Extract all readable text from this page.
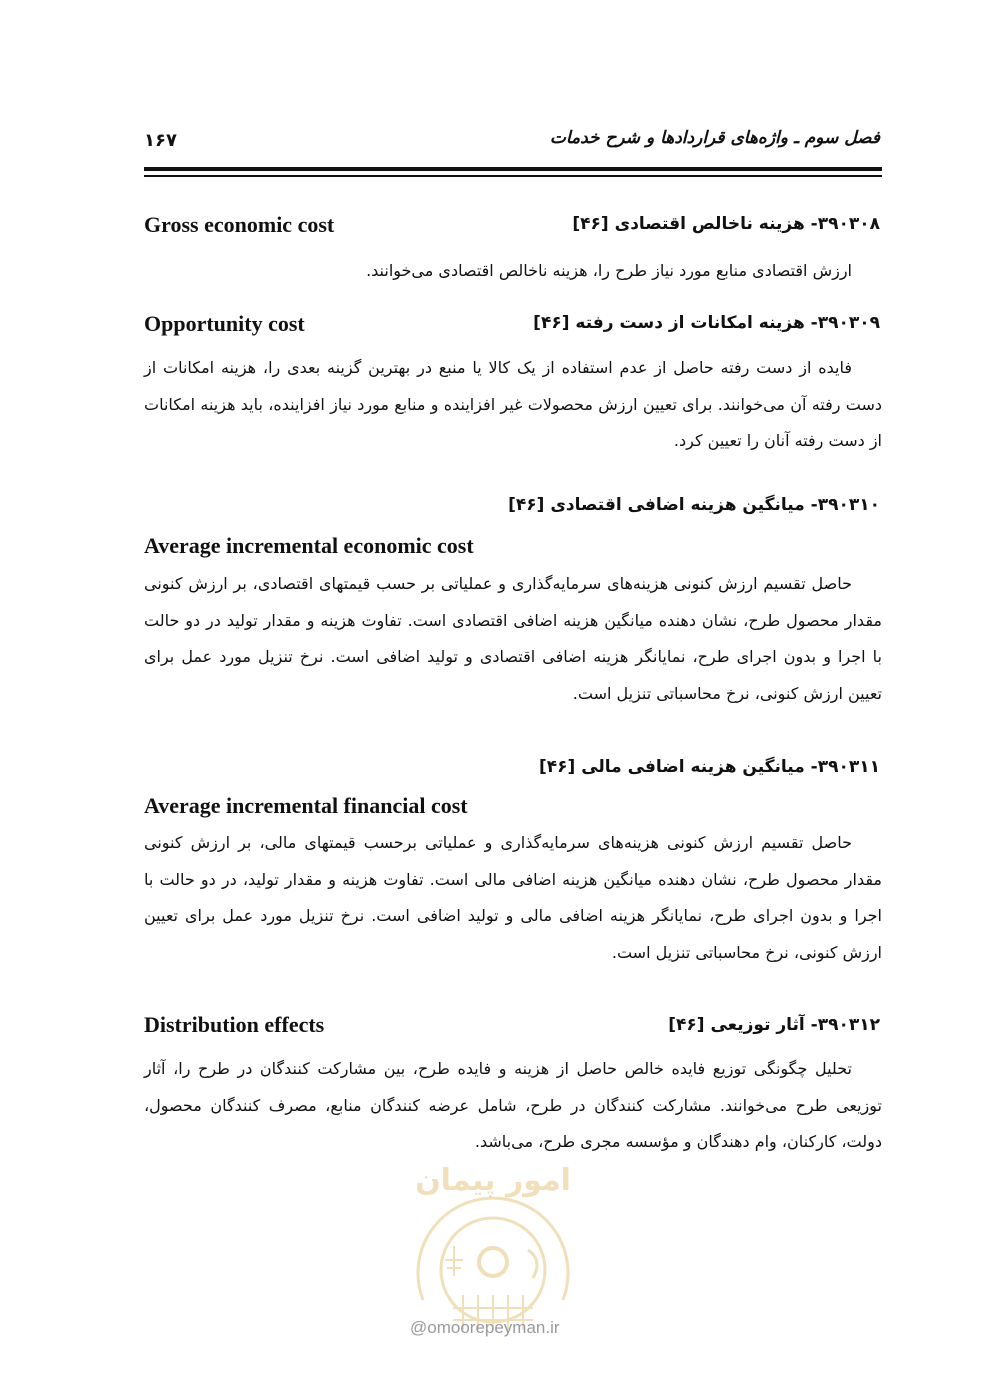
فصل سوم ـ واژه‌های قراردادها و شرح خدمات
۱۶۷
۳۹۰۳۰۸- هزینه ناخالص اقتصادی [۴۶]
Gross economic cost

ارزش اقتصادی منابع مورد نیاز طرح را، هزینه ناخالص اقتصادی می‌خوانند.

۳۹۰۳۰۹- هزینه امکانات از دست رفته [۴۶]
Opportunity cost

فایده از دست رفته حاصل از عدم استفاده از یک کالا یا منبع در بهترین گزینه بعدی را، هزینه امکانات از دست رفته آن می‌خوانند. برای تعیین ارزش محصولات غیر افزاینده و منابع مورد نیاز افزاینده، باید هزینه امکانات از دست رفته آنان را تعیین کرد.

۳۹۰۳۱۰- میانگین هزینه اضافی اقتصادی [۴۶]
Average incremental economic cost

حاصل تقسیم ارزش کنونی هزینه‌های سرمایه‌گذاری و عملیاتی بر حسب قیمتهای اقتصادی، بر ارزش کنونی مقدار محصول طرح، نشان دهنده میانگین هزینه اضافی اقتصادی است. تفاوت هزینه و مقدار تولید در دو حالت با اجرا و بدون اجرای طرح، نمایانگر هزینه اضافی اقتصادی و تولید اضافی است. نرخ تنزیل مورد عمل برای تعیین ارزش کنونی، نرخ محاسباتی تنزیل است.

۳۹۰۳۱۱- میانگین هزینه اضافی مالی [۴۶]
Average incremental financial cost

حاصل تقسیم ارزش کنونی هزینه‌های سرمایه‌گذاری و عملیاتی برحسب قیمتهای مالی، بر ارزش کنونی مقدار محصول طرح، نشان دهنده میانگین هزینه اضافی مالی است. تفاوت هزینه و مقدار تولید، در دو حالت با اجرا و بدون اجرای طرح، نمایانگر هزینه اضافی مالی و تولید اضافی است. نرخ تنزیل مورد عمل برای تعیین ارزش کنونی، نرخ محاسباتی تنزیل است.

۳۹۰۳۱۲- آثار توزیعی [۴۶]
Distribution effects

تحلیل چگونگی توزیع فایده خالص حاصل از هزینه و فایده طرح، بین مشارکت کنندگان در طرح را، آثار توزیعی طرح می‌خوانند. مشارکت کنندگان در طرح، شامل عرضه کنندگان منابع، مصرف کنندگان محصول، دولت، کارکنان، وام دهندگان و مؤسسه مجری طرح، می‌باشد.

امور پیمان
@omoorepeyman.ir
